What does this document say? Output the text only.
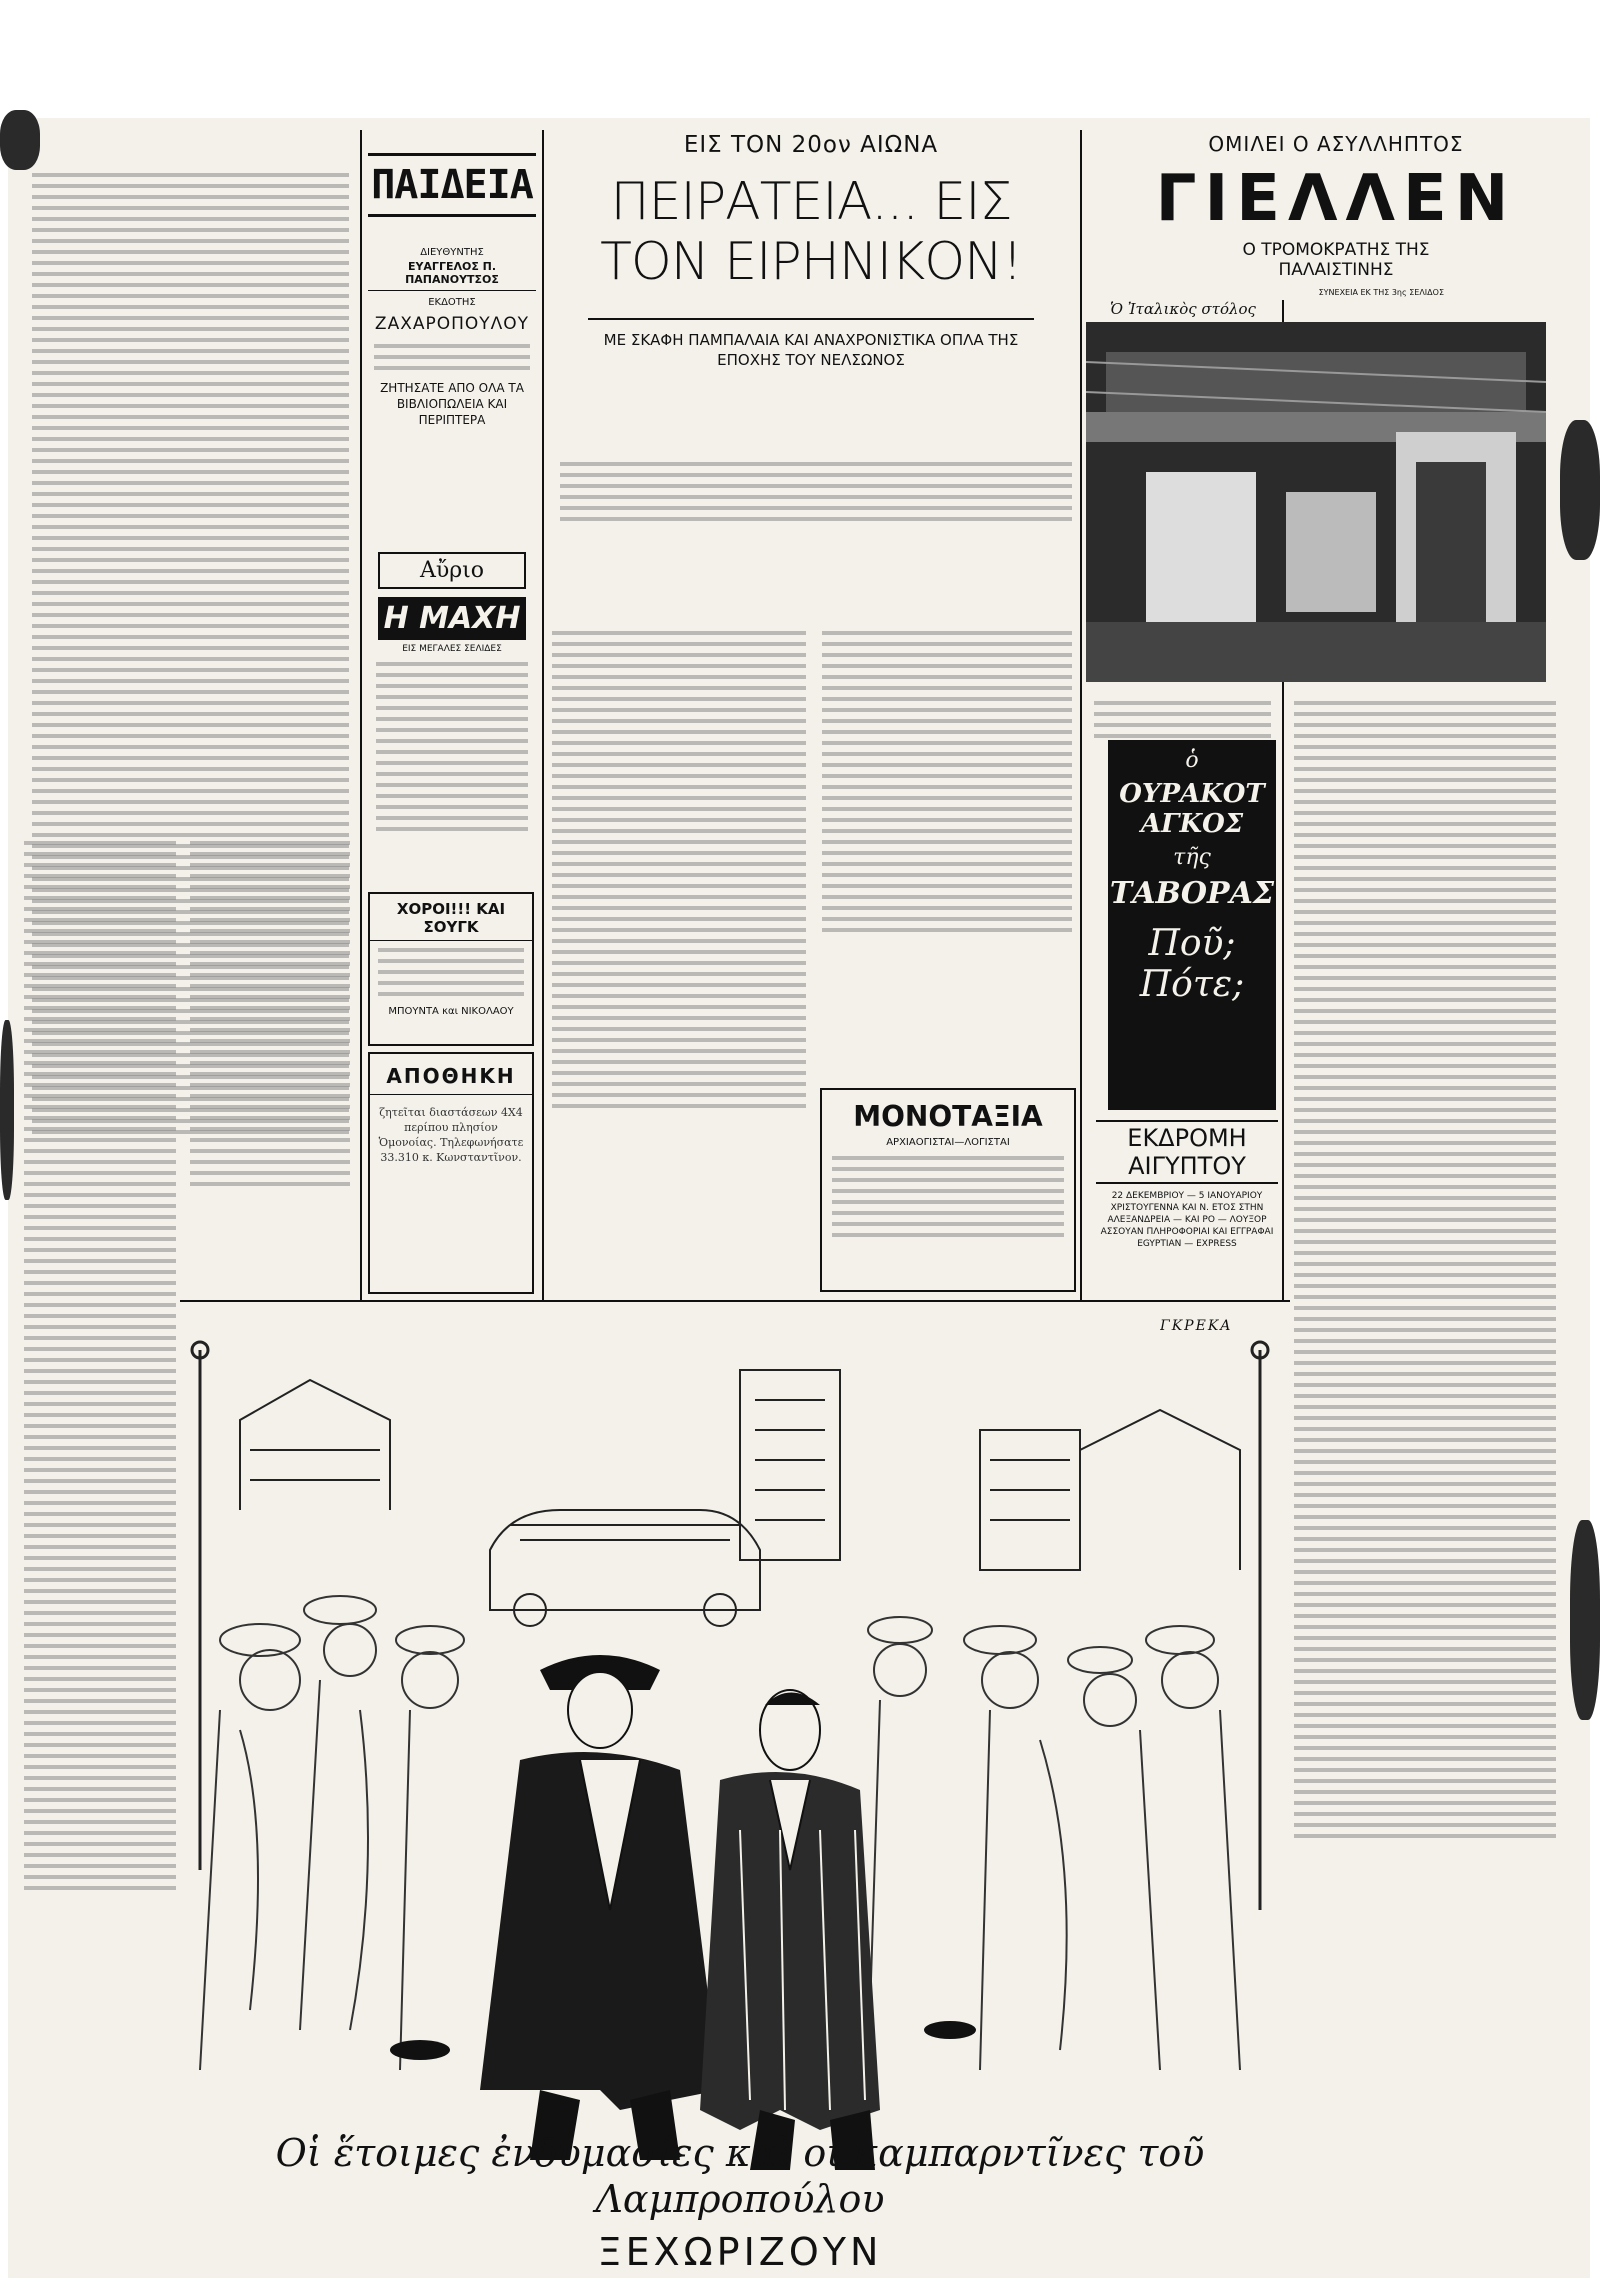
ΠΑΙΔΕΙΑ
ΔΙΕΥΘΥΝΤΗΣ
ΕΥΑΓΓΕΛΟΣ Π. ΠΑΠΑΝΟΥΤΣΟΣ
ΕΚΔΟΤΗΣ
ΖΑΧΑΡΟΠΟΥΛΟΥ
ΖΗΤΗΣΑΤΕ ΑΠΟ ΟΛΑ ΤΑ ΒΙΒΛΙΟΠΩΛΕΙΑ ΚΑΙ ΠΕΡΙΠΤΕΡΑ
Αὔριο
Η ΜΑΧΗ
ΕΙΣ ΜΕΓΑΛΕΣ ΣΕΛΙΔΕΣ
ΧΟΡΟΙ!!! ΚΑΙ ΣΟΥΓΚ
ΜΠΟΥΝΤΑ και ΝΙΚΟΛΑΟΥ
ΑΠΟΘΗΚΗ
ζητεῖται διαστάσεων 4Χ4 περίπου πλησίον Ὁμονοίας. Τηλεφωνήσατε 33.310 κ. Κωνσταντῖνον.
ΕΙΣ ΤΟΝ 20ον ΑΙΩΝΑ
ΠΕΙΡΑΤΕΙΑ... ΕΙΣ ΤΟΝ ΕΙΡΗΝΙΚΟΝ!
ΜΕ ΣΚΑΦΗ ΠΑΜΠΑΛΑΙΑ ΚΑΙ ΑΝΑΧΡΟΝΙΣΤΙΚΑ ΟΠΛΑ ΤΗΣ ΕΠΟΧΗΣ ΤΟΥ ΝΕΛΣΩΝΟΣ
ΜΟΝΟΤΑΞΙΑ
ΑΡΧΙΑΟΓΙΣΤΑΙ—ΛΟΓΙΣΤΑΙ
ΟΜΙΛΕΙ Ο ΑΣΥΛΛΗΠΤΟΣ
ΓΙΕΛΛΕΝ
Ο ΤΡΟΜΟΚΡΑΤΗΣ ΤΗΣ ΠΑΛΑΙΣΤΙΝΗΣ
Ὁ Ἰταλικὸς στόλος
ΣΥΝΕΧΕΙΑ ΕΚ ΤΗΣ 3ης ΣΕΛΙΔΟΣ
ὁ
ΟΥΡΑΚΟΤΑΓΚΟΣ
τῆς
ΤΑΒΟΡΑΣ
Ποῦ;
Πότε;
ΕΚΔΡΟΜΗ ΑΙΓΥΠΤΟΥ
22 ΔΕΚΕΜΒΡΙΟΥ — 5 ΙΑΝΟΥΑΡΙΟΥ ΧΡΙΣΤΟΥΓΕΝΝΑ ΚΑΙ Ν. ΕΤΟΣ ΣΤΗΝ ΑΛΕΞΑΝΔΡΕΙΑ — ΚΑΙ ΡΟ — ΛΟΥΞΟΡ ΑΣΣΟΥΑΝ ΠΛΗΡΟΦΟΡΙΑΙ ΚΑΙ ΕΓΓΡΑΦΑΙ EGYPTIAN — EXPRESS
ΓΚΡΕΚΑ
Οἱ ἕτοιμες ἐνδυμασίες καὶ οἱ καμπαρντῖνες τοῦ Λαμπροπούλου
ΞΕΧΩΡΙΖΟΥΝ
